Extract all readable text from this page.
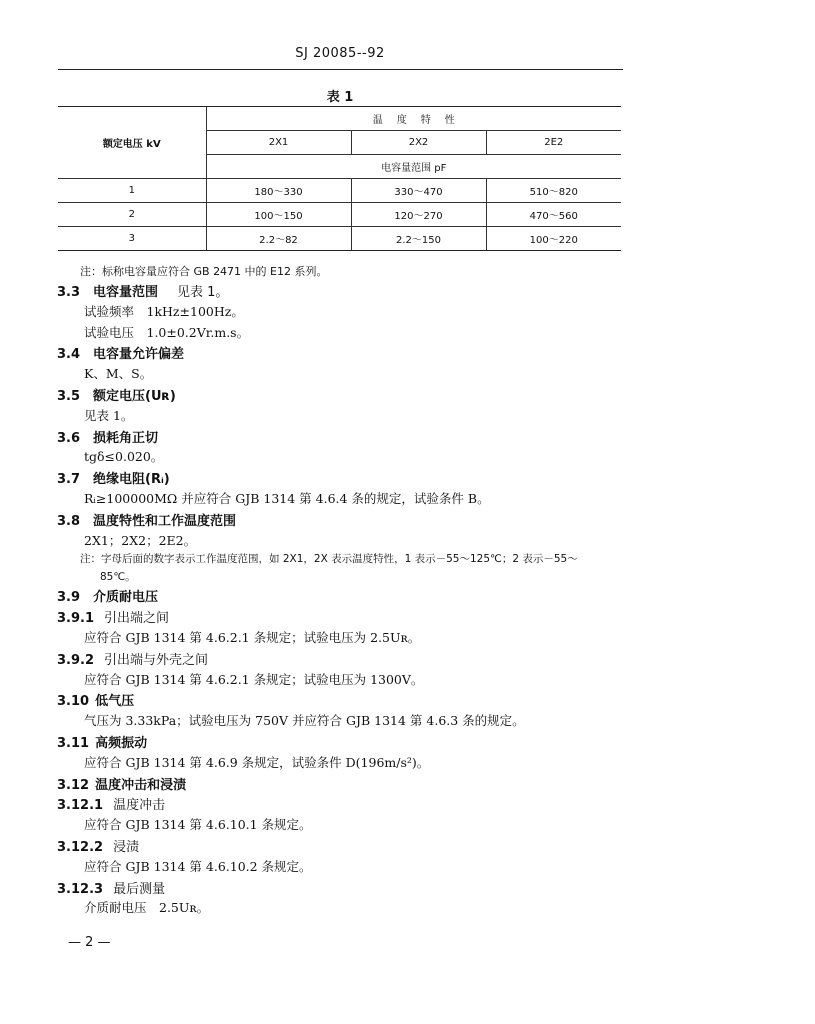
SJ 20085--92
表 1
额定电压 kV	温度特性		
	2X1	2X2	2E2
	电容量范围 pF		
1	180～330	330～470	510～820
2	100～150	120～270	470～560
3	2.2～82	2.2～150	100～220
注：标称电容量应符合 GB 2471 中的 E12 系列。
3.3 电容量范围　见表 1。
试验频率　1kHz±100Hz。
试验电压　1.0±0.2Vr.m.s。
3.4 电容量允许偏差
K、M、S。
3.5 额定电压(Uʀ)
见表 1。
3.6 损耗角正切
tgδ≤0.020。
3.7 绝缘电阻(Rᵢ)
Rᵢ≥100000MΩ 并应符合 GJB 1314 第 4.6.4 条的规定，试验条件 B。
3.8 温度特性和工作温度范围
2X1；2X2；2E2。
注：字母后面的数字表示工作温度范围，如 2X1，2X 表示温度特性，1 表示－55～125℃；2 表示－55～
85℃。
3.9 介质耐电压
3.9.1 引出端之间
应符合 GJB 1314 第 4.6.2.1 条规定；试验电压为 2.5Uʀ。
3.9.2 引出端与外壳之间
应符合 GJB 1314 第 4.6.2.1 条规定；试验电压为 1300V。
3.10 低气压
气压为 3.33kPa；试验电压为 750V 并应符合 GJB 1314 第 4.6.3 条的规定。
3.11 高频振动
应符合 GJB 1314 第 4.6.9 条规定，试验条件 D(196m/s²)。
3.12 温度冲击和浸渍
3.12.1 温度冲击
应符合 GJB 1314 第 4.6.10.1 条规定。
3.12.2 浸渍
应符合 GJB 1314 第 4.6.10.2 条规定。
3.12.3 最后测量
介质耐电压　2.5Uʀ。
— 2 —
